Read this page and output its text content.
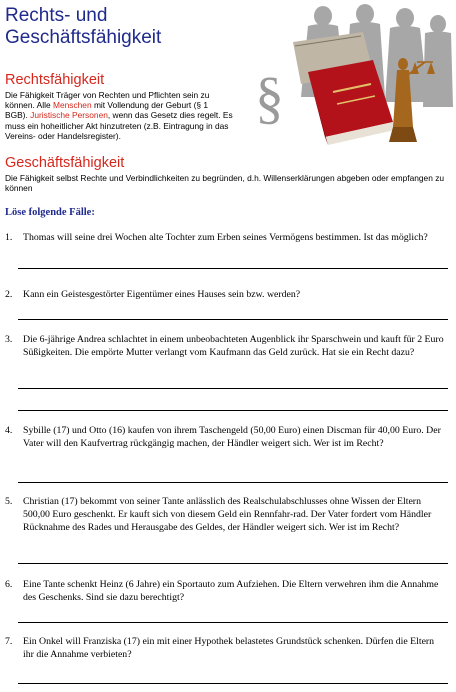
Rechts- und Geschäftsfähigkeit
§
Rechtsfähigkeit
Die Fähigkeit Träger von Rechten und Pflichten sein zu können. Alle Menschen mit Vollendung der Geburt (§ 1 BGB). Juristische Personen, wenn das Gesetz dies regelt. Es muss ein hoheitlicher Akt hinzutreten (z.B. Eintragung in das Vereins- oder Handelsregister).
Geschäftsfähigkeit
Die Fähigkeit selbst Rechte und Verbindlichkeiten zu begründen, d.h. Willenserklärungen abgeben oder empfangen zu können
Löse folgende Fälle:
1. Thomas will seine drei Wochen alte Tochter zum Erben seines Vermögens bestimmen. Ist das möglich?
2. Kann ein Geistesgestörter Eigentümer eines Hauses sein bzw. werden?
3. Die 6-jährige Andrea schlachtet in einem unbeobachteten Augenblick ihr Sparschwein und kauft für 2 Euro Süßigkeiten. Die empörte Mutter verlangt vom Kaufmann das Geld zurück. Hat sie ein Recht dazu?
4. Sybille (17) und Otto (16) kaufen von ihrem Taschengeld (50,00 Euro) einen Discman für 40,00 Euro. Der Vater will den Kaufvertrag rückgängig machen, der Händler weigert sich. Wer ist im Recht?
5. Christian (17) bekommt von seiner Tante anlässlich des Realschulabschlusses ohne Wissen der Eltern 500,00 Euro geschenkt. Er kauft sich von diesem Geld ein Rennfahr-rad. Der Vater fordert vom Händler Rücknahme des Rades und Herausgabe des Geldes, der Händler weigert sich. Wer ist im Recht?
6. Eine Tante schenkt Heinz (6 Jahre) ein Sportauto zum Aufziehen. Die Eltern verwehren ihm die Annahme des Geschenks. Sind sie dazu berechtigt?
7. Ein Onkel will Franziska (17) ein mit einer Hypothek belastetes Grundstück schenken. Dürfen die Eltern ihr die Annahme verbieten?
